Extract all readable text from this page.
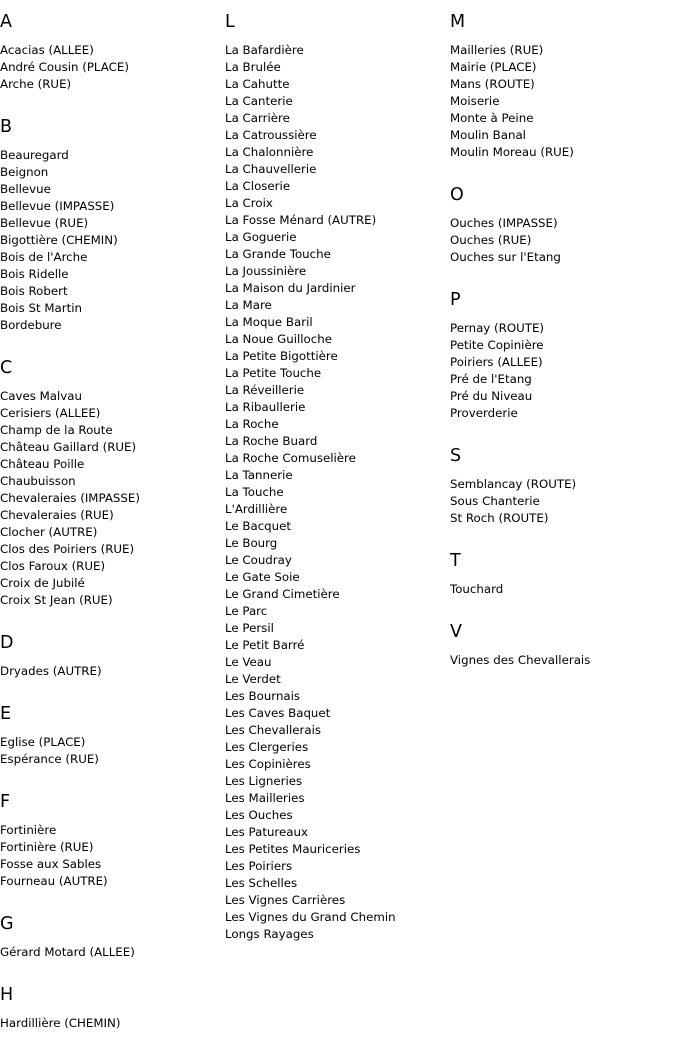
A
Acacias (ALLEE)
André Cousin (PLACE)
Arche (RUE)
B
Beauregard
Beignon
Bellevue
Bellevue (IMPASSE)
Bellevue (RUE)
Bigottière (CHEMIN)
Bois de l'Arche
Bois Ridelle
Bois Robert
Bois St Martin
Bordebure
C
Caves Malvau
Cerisiers (ALLEE)
Champ de la Route
Château Gaillard (RUE)
Château Poille
Chaubuisson
Chevaleraies (IMPASSE)
Chevaleraies (RUE)
Clocher (AUTRE)
Clos des Poiriers (RUE)
Clos Faroux (RUE)
Croix de Jubilé
Croix St Jean (RUE)
D
Dryades (AUTRE)
E
Eglise (PLACE)
Espérance (RUE)
F
Fortinière
Fortinière (RUE)
Fosse aux Sables
Fourneau (AUTRE)
G
Gérard Motard (ALLEE)
H
Hardillière (CHEMIN)
L
La Bafardière
La Brulée
La Cahutte
La Canterie
La Carrière
La Catroussière
La Chalonnière
La Chauvellerie
La Closerie
La Croix
La Fosse Ménard (AUTRE)
La Goguerie
La Grande Touche
La Joussinière
La Maison du Jardinier
La Mare
La Moque Baril
La Noue Guilloche
La Petite Bigottière
La Petite Touche
La Réveillerie
La Ribaullerie
La Roche
La Roche Buard
La Roche Comuselière
La Tannerie
La Touche
L'Ardillière
Le Bacquet
Le Bourg
Le Coudray
Le Gate Soie
Le Grand Cimetière
Le Parc
Le Persil
Le Petit Barré
Le Veau
Le Verdet
Les Bournais
Les Caves Baquet
Les Chevallerais
Les Clergeries
Les Copinières
Les Ligneries
Les Mailleries
Les Ouches
Les Patureaux
Les Petites Mauriceries
Les Poiriers
Les Schelles
Les Vignes Carrières
Les Vignes du Grand Chemin
Longs Rayages
M
Mailleries (RUE)
Mairie (PLACE)
Mans (ROUTE)
Moiserie
Monte à Peine
Moulin Banal
Moulin Moreau (RUE)
O
Ouches (IMPASSE)
Ouches (RUE)
Ouches sur l'Etang
P
Pernay (ROUTE)
Petite Copinière
Poiriers (ALLEE)
Pré de l'Etang
Pré du Niveau
Proverderie
S
Semblancay (ROUTE)
Sous Chanterie
St Roch (ROUTE)
T
Touchard
V
Vignes des Chevallerais
